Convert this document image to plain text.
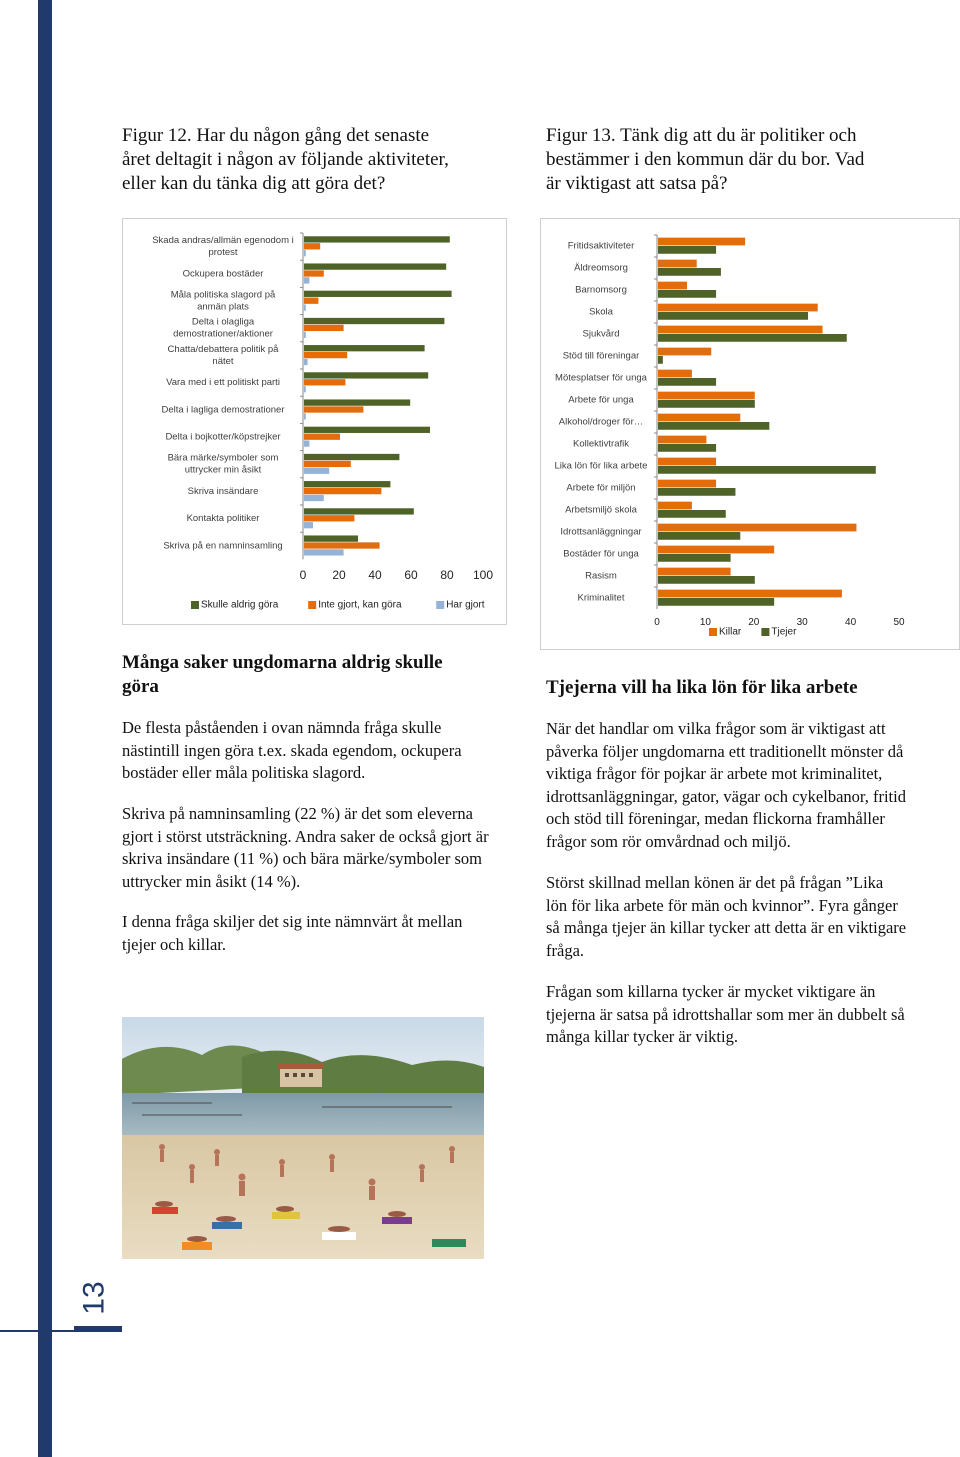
Figur 12. Har du någon gång det senaste
året deltagit i någon av följande aktiviteter,
eller kan du tänka dig att göra det?
Figur 13. Tänk dig att du är politiker och
bestämmer i den kommun där du bor. Vad
är viktigast att satsa på?
Skada andras/allmän egenodom i
protest
Ockupera bostäder
Måla politiska slagord på
anmän plats
Delta i olagliga
demostrationer/aktioner
Chatta/debattera politik på
nätet
Vara med i ett politiskt parti
Delta i lagliga demostrationer
Delta i bojkotter/köpstrejker
Bära märke/symboler som
uttrycker min åsikt
Skriva insändare
Kontakta politiker
Skriva på en namninsamling
0 20 40 60 80 100
Skulle aldrig göra	Inte gjort, kan göra	Har gjort
Fritidsaktiviteter
Äldreomsorg
Barnomsorg
Skola
Sjukvård
Stöd till föreningar
Mötesplatser för unga
Arbete för unga
Alkohol/droger för…
Kollektivtrafik
Lika lön för lika arbete
Arbete för miljön
Arbetsmiljö skola
Idrottsanläggningar
Bostäder för unga
Rasism
Kriminalitet
0	10	20	30	40	50
Killar	Tjejer
Många saker ungdomarna aldrig skulle göra

De flesta påståenden i ovan nämnda fråga skulle nästintill ingen göra t.ex. skada egendom, ockupera bostäder eller måla politiska slagord.

Skriva på namninsamling (22 %) är det som eleverna gjort i störst utsträckning. Andra saker de också gjort är skriva insändare (11 %) och bära märke/symboler som uttrycker min åsikt (14 %).

I denna fråga skiljer det sig inte nämnvärt åt mellan tjejer och killar.

Tjejerna vill ha lika lön för lika arbete

När det handlar om vilka frågor som är viktigast att påverka följer ungdomarna ett traditionellt mönster då viktiga frågor för pojkar är arbete mot kriminalitet, idrottsanläggningar, gator, vägar och cykelbanor, fritid och stöd till föreningar, medan flickorna framhåller frågor som rör omvårdnad och miljö.

Störst skillnad mellan könen är det på frågan ”Lika lön för lika arbete för män och kvinnor”. Fyra gånger så många tjejer än killar tycker att detta är en viktigare fråga.

Frågan som killarna tycker är mycket viktigare än tjejerna är satsa på idrottshallar som mer än dubbelt så många killar tycker är viktig.

13
